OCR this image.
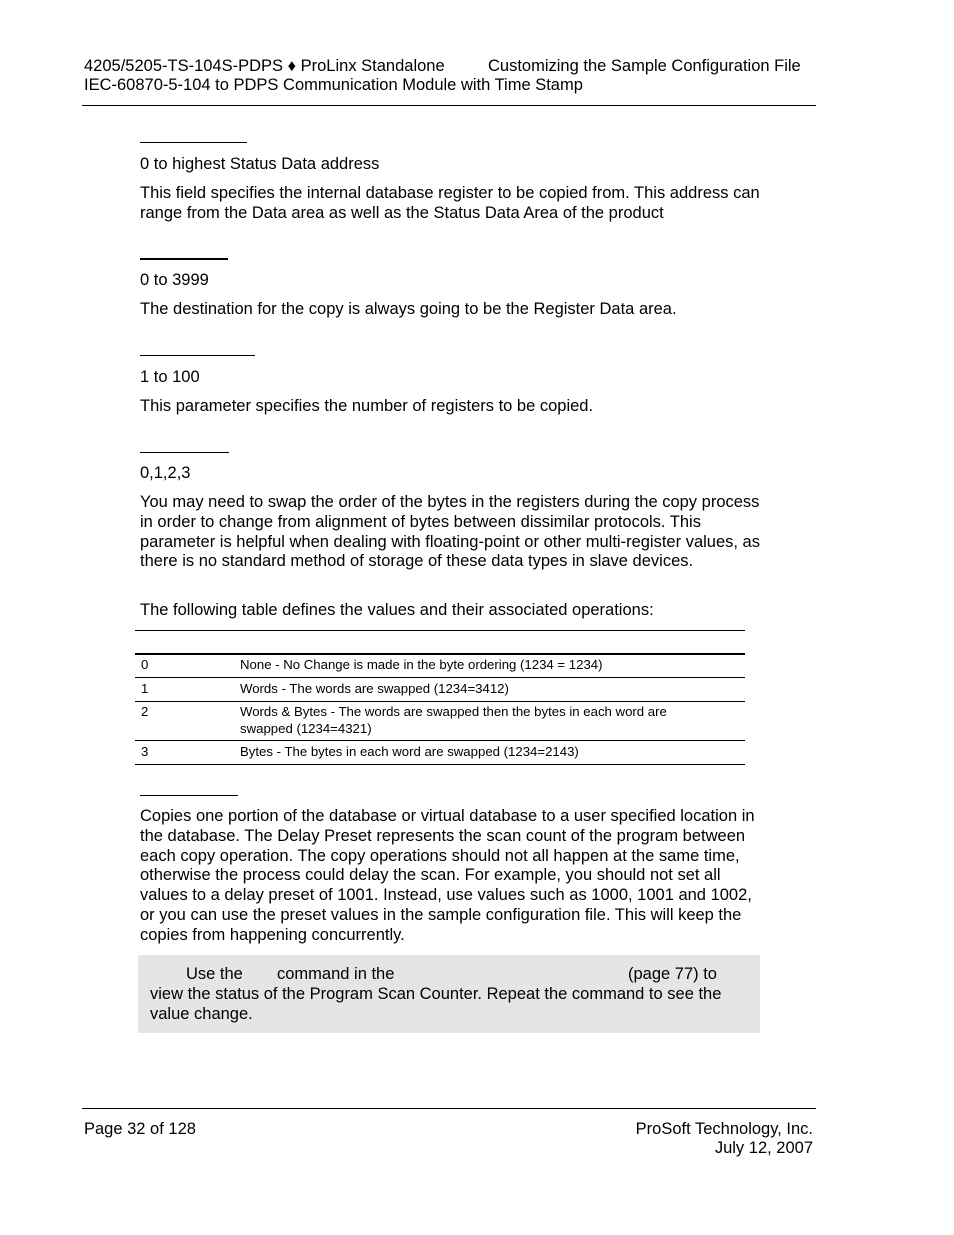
4205/5205-TS-104S-PDPS ♦ ProLinx Standalone	Customizing the Sample Configuration File
IEC-60870-5-104 to PDPS Communication Module with Time Stamp
0 to highest Status Data address
This field specifies the internal database register to be copied from. This address can range from the Data area as well as the Status Data Area of the product
0 to 3999
The destination for the copy is always going to be the Register Data area.
1 to 100
This parameter specifies the number of registers to be copied.
0,1,2,3
You may need to swap the order of the bytes in the registers during the copy process in order to change from alignment of bytes between dissimilar protocols. This parameter is helpful when dealing with floating-point or other multi-register values, as there is no standard method of storage of these data types in slave devices.
The following table defines the values and their associated operations:
0	None - No Change is made in the byte ordering (1234 = 1234)
1	Words - The words are swapped (1234=3412)
2	Words & Bytes - The words are swapped then the bytes in each word are swapped (1234=4321)
3	Bytes - The bytes in each word are swapped (1234=2143)
Copies one portion of the database or virtual database to a user specified location in the database. The Delay Preset represents the scan count of the program between each copy operation. The copy operations should not all happen at the same time, otherwise the process could delay the scan. For example, you should not set all values to a delay preset of 1001. Instead, use values such as 1000, 1001 and 1002, or you can use the preset values in the sample configuration file. This will keep the copies from happening concurrently.
Use the command in the	(page 77) to
view the status of the Program Scan Counter. Repeat the command to see the value change.
Page 32 of 128	ProSoft Technology, Inc.
July 12, 2007
